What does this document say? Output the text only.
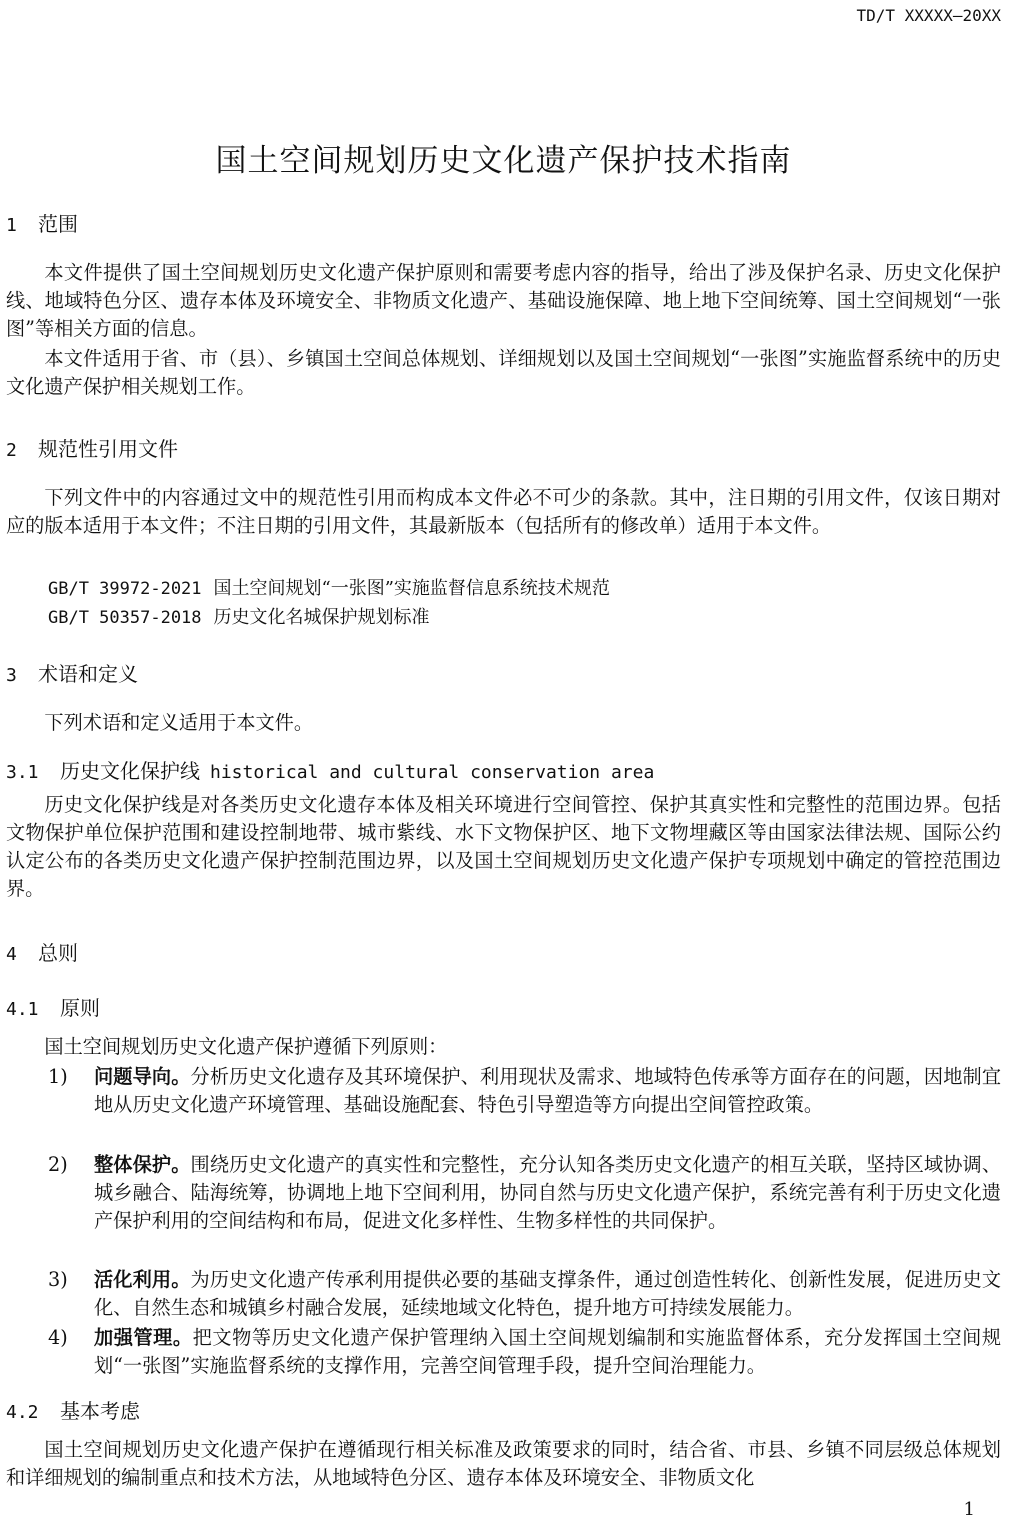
TD/T XXXXX—20XX
国土空间规划历史文化遗产保护技术指南
1 范围

本文件提供了国土空间规划历史文化遗产保护原则和需要考虑内容的指导，给出了涉及保护名录、历史文化保护线、地域特色分区、遗存本体及环境安全、非物质文化遗产、基础设施保障、地上地下空间统筹、国土空间规划“一张图”等相关方面的信息。

本文件适用于省、市（县）、乡镇国土空间总体规划、详细规划以及国土空间规划“一张图”实施监督系统中的历史文化遗产保护相关规划工作。

2 规范性引用文件

下列文件中的内容通过文中的规范性引用而构成本文件必不可少的条款。其中，注日期的引用文件，仅该日期对应的版本适用于本文件；不注日期的引用文件，其最新版本（包括所有的修改单）适用于本文件。

GB/T 39972-2021 国土空间规划“一张图”实施监督信息系统技术规范
GB/T 50357-2018 历史文化名城保护规划标准
3 术语和定义

下列术语和定义适用于本文件。

3.1 历史文化保护线 historical and cultural conservation area

历史文化保护线是对各类历史文化遗存本体及相关环境进行空间管控、保护其真实性和完整性的范围边界。包括文物保护单位保护范围和建设控制地带、城市紫线、水下文物保护区、地下文物埋藏区等由国家法律法规、国际公约认定公布的各类历史文化遗产保护控制范围边界，以及国土空间规划历史文化遗产保护专项规划中确定的管控范围边界。

4 总则
4.1 原则

国土空间规划历史文化遗产保护遵循下列原则：

1) 问题导向。分析历史文化遗存及其环境保护、利用现状及需求、地域特色传承等方面存在的问题，因地制宜地从历史文化遗产环境管理、基础设施配套、特色引导塑造等方向提出空间管控政策。
2) 整体保护。围绕历史文化遗产的真实性和完整性，充分认知各类历史文化遗产的相互关联，坚持区域协调、城乡融合、陆海统筹，协调地上地下空间利用，协同自然与历史文化遗产保护，系统完善有利于历史文化遗产保护利用的空间结构和布局，促进文化多样性、生物多样性的共同保护。
3) 活化利用。为历史文化遗产传承利用提供必要的基础支撑条件，通过创造性转化、创新性发展，促进历史文化、自然生态和城镇乡村融合发展，延续地域文化特色，提升地方可持续发展能力。
4) 加强管理。把文物等历史文化遗产保护管理纳入国土空间规划编制和实施监督体系，充分发挥国土空间规划“一张图”实施监督系统的支撑作用，完善空间管理手段，提升空间治理能力。
4.2 基本考虑

国土空间规划历史文化遗产保护在遵循现行相关标准及政策要求的同时，结合省、市县、乡镇不同层级总体规划和详细规划的编制重点和技术方法，从地域特色分区、遗存本体及环境安全、非物质文化

1
